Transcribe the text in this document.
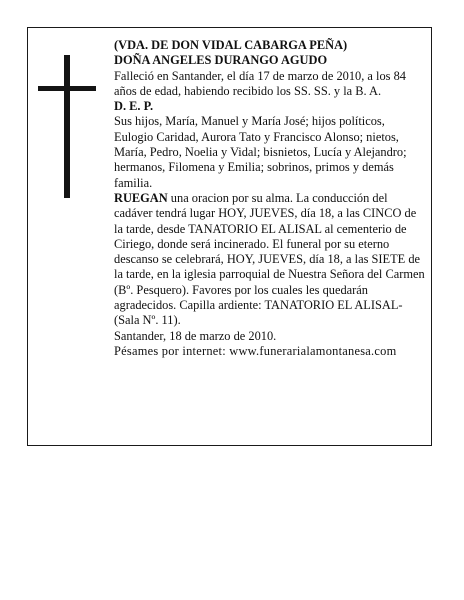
(VDA. DE DON VIDAL CABARGA PEÑA)

DOÑA ANGELES DURANGO AGUDO

Falleció en Santander, el día 17 de marzo de 2010, a los 84 años de edad, habiendo recibido los SS. SS. y la B. A.

D. E. P.

Sus hijos, María, Manuel y María José; hijos políticos, Eulogio Caridad, Aurora Tato y Francisco Alonso; nietos, María, Pedro, Noelia y Vidal; bisnietos, Lucía y Alejandro; hermanos, Filomena y Emilia; sobrinos, primos y demás familia.

RUEGAN una oracion por su alma. La conducción del cadáver tendrá lugar HOY, JUEVES, día 18, a las CINCO de la tarde, desde TANATORIO EL ALISAL al cementerio de Ciriego, donde será incinerado. El funeral por su eterno descanso se celebrará, HOY, JUEVES, día 18, a las SIETE de la tarde, en la iglesia parroquial de Nuestra Señora del Carmen (Bº. Pesquero). Favores por los cuales les quedarán agradecidos. Capilla ardiente: TANATORIO EL ALISAL-(Sala Nº. 11).

Santander, 18 de marzo de 2010.

Pésames por internet: www.funerarialamontanesa.com
